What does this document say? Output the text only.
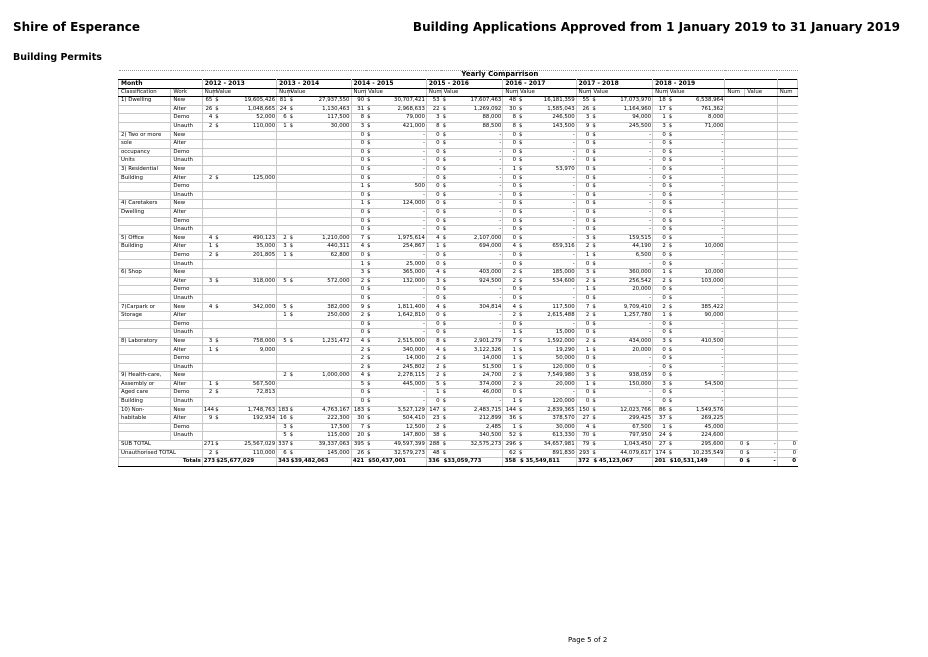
Shire of Esperance	Building Applications Approved from 1 January 2019 to 31 January 2019
Building Permits

		Yearly Comparrison																
Month		2012 - 2013		2013 - 2014		2014 - 2015		2015 - 2016		2016 - 2017		2017 - 2018		2018 - 2019				
Classification	Work	Num	Value	Num	Value	Num	Value	Num	Value	Num	Value	Num	Value	Num	Value	Num	Value	Num
1) Dwelling	New	65	$ 19,605,426	81	$ 27,937,550	90	$ 30,707,421	53	$ 17,607,463	48	$ 16,181,359	55	$ 17,073,970	18	$ 6,538,964			
	Alter	26	$ 1,048,665	24	$ 1,130,463	31	$ 2,968,633	22	$ 1,269,092	30	$ 1,585,043	26	$ 1,164,960	17	$ 761,362			
	Demo	4	$ 52,000	6	$ 117,500	8	$ 79,000	3	$ 88,000	8	$ 246,500	3	$ 94,000	1	$ 8,000			
	Unauth	2	$ 110,000	1	$ 30,000	3	$ 421,000	8	$ 88,500	8	$ 143,500	9	$ 245,500	3	$ 71,000			
2) Two or more	New					0	$ -	0	$ -	0	$ -	0	$ -	0	$ -			
sole	Alter					0	$ -	0	$ -	0	$ -	0	$ -	0	$ -			
occupancy	Demo					0	$ -	0	$ -	0	$ -	0	$ -	0	$ -			
Units	Unauth					0	$ -	0	$ -	0	$ -	0	$ -	0	$ -			
3) Residential	New					0	$ -	0	$ -	1	$ 53,970	0	$ -	0	$ -			
Building	Alter	2	$ 125,000			0	$ -	0	$ -	0	$ -	0	$ -	0	$ -			
	Demo					1	$ 500	0	$ -	0	$ -	0	$ -	0	$ -			
	Unauth					0	$ -	0	$ -	0	$ -	0	$ -	0	$ -			
4) Caretakers	New					1	$ 124,000	0	$ -	0	$ -	0	$ -	0	$ -			
Dwelling	Alter					0	$ -	0	$ -	0	$ -	0	$ -	0	$ -			
	Demo					0	$ -	0	$ -	0	$ -	0	$ -	0	$ -			
	Unauth					0	$ -	0	$ -	0	$ -	0	$ -	0	$ -			
5) Office	New	4	$ 490,123	2	$ 1,210,000	7	$ 1,975,614	4	$ 2,107,000	0	$ -	3	$ 159,515	0	$ -			
Building	Alter	1	$ 35,000	3	$ 440,311	4	$ 254,867	1	$ 694,000	4	$ 659,316	2	$ 44,190	2	$ 10,000			
	Demo	2	$ 201,805	1	$ 62,800	0	$ -	0	$ -	0	$ -	1	$ 6,500	0	$ -			
	Unauth					1	$ 25,000	0	$ -	0	$ -	0	$ -	0	$ -			
6) Shop	New					3	$ 365,000	4	$ 403,000	2	$ 185,000	3	$ 360,000	1	$ 10,000			
	Alter	3	$ 318,000	5	$ 572,000	2	$ 132,000	3	$ 924,500	2	$ 534,600	2	$ 256,542	2	$ 103,000			
	Demo					0	$ -	0	$ -	0	$ -	1	$ 20,000	0	$ -			
	Unauth					0	$ -	0	$ -	0	$ -	0	$ -	0	$ -			
7)Carpark or	New	4	$ 342,000	5	$ 382,000	9	$ 1,811,400	4	$ 304,814	4	$ 117,500	7	$ 9,709,410	2	$ 385,422			
Storage	Alter			1	$ 250,000	2	$ 1,642,810	0	$ -	2	$ 2,615,488	2	$ 1,257,780	1	$ 90,000			
	Demo					0	$ -	0	$ -	0	$ -	0	$ -	0	$ -			
	Unauth					0	$ -	0	$ -	1	$ 15,000	0	$ -	0	$ -			
8) Laboratory	New	3	$ 758,000	5	$ 1,231,472	4	$ 2,515,000	8	$ 2,901,279	7	$ 1,592,000	2	$ 434,000	3	$ 410,500			
	Alter	1	$ 9,000			2	$ 340,000	4	$ 3,122,326	1	$ 19,290	1	$ 20,000	0	$ -			
	Demo					2	$ 14,000	2	$ 14,000	1	$ 50,000	0	$ -	0	$ -			
	Unauth					2	$ 245,802	2	$ 51,500	1	$ 120,000	0	$ -	0	$ -			
9) Health-care,	New			2	$ 1,000,000	4	$ 2,278,115	2	$ 24,700	2	$ 7,549,980	3	$ 938,059	0	$ -			
Assembly or	Alter	1	$ 567,500			5	$ 445,000	5	$ 374,000	2	$ 20,000	1	$ 150,000	3	$ 54,500			
Aged care	Demo	2	$ 72,813			0	$ -	1	$ 46,000	0	$ -	0	$ -	0	$ -			
Building	Unauth					0	$ -	0	$ -	1	$ 120,000	0	$ -	0	$ -			
10) Non-	New	144	$ 1,748,763	183	$ 4,763,167	183	$ 3,527,129	147	$ 2,483,715	144	$ 2,839,365	150	$ 12,023,766	86	$ 1,549,576			
habitable	Alter	9	$ 192,934	16	$ 222,300	30	$ 504,410	23	$ 212,899	36	$ 378,570	27	$ 299,425	37	$ 269,225			
	Demo			3	$ 17,500	7	$ 12,500	2	$ 2,485	1	$ 30,000	4	$ 67,500	1	$ 45,000			
	Unauth			5	$ 115,000	20	$ 147,800	38	$ 340,500	52	$ 613,330	70	$ 797,950	24	$ 224,600			
SUB TOTAL		271	$ 25,567,029	337	$ 39,337,063	395	$ 49,597,399	288	$ 32,575,273	296	$ 34,657,981	79	$ 1,043,450	27	$ 295,600	0	$ -	0
Unauthorised TOTAL		2	$ 110,000	6	$ 145,000	26	$ 32,579,273	48	$	62	$ 891,830	293	$ 44,079,617	174	$ 10,235,549	0	$ -	0
Totals		273	$25,677,029	343	$39,482,063	421	$50,437,001	336	$33,059,773	358	$ 35,549,811	372	$ 45,123,067	201	$10,531,149	0	$ -	0
Page 5 of 2
